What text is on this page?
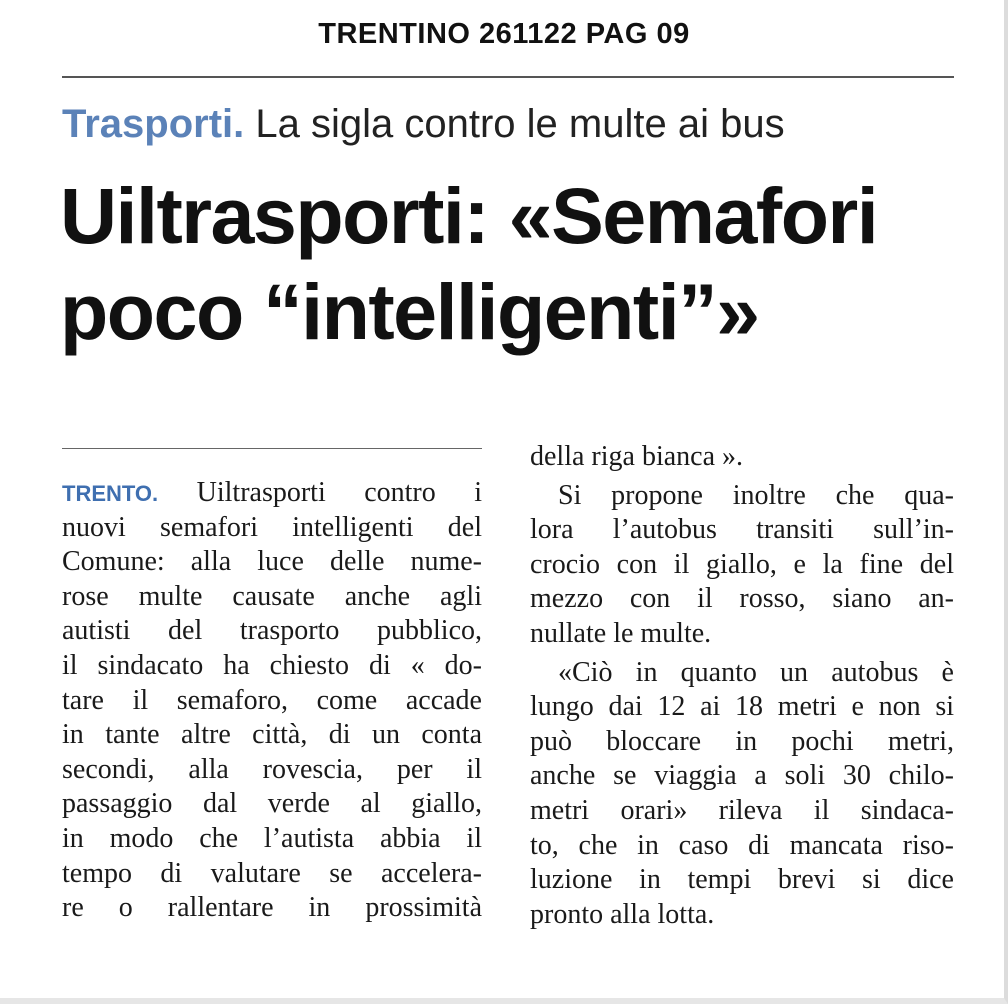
TRENTINO 261122 PAG 09
Trasporti. La sigla contro le multe ai bus
Uiltrasporti: «Semafori
poco “intelligenti”»
TRENTO. Uiltrasporti contro i
nuovi semafori intelligenti del
Comune: alla luce delle nume-
rose multe causate anche agli
autisti del trasporto pubblico,
il sindacato ha chiesto di « do-
tare il semaforo, come accade
in tante altre città, di un conta
secondi, alla rovescia, per il
passaggio dal verde al giallo,
in modo che l’autista abbia il
tempo di valutare se accelera-
re o rallentare in prossimità
della riga bianca ».
Si propone inoltre che qua-
lora l’autobus transiti sull’in-
crocio con il giallo, e la fine del
mezzo con il rosso, siano an-
nullate le multe.
«Ciò in quanto un autobus è
lungo dai 12 ai 18 metri e non si
può bloccare in pochi metri,
anche se viaggia a soli 30 chilo-
metri orari» rileva il sindaca-
to, che in caso di mancata riso-
luzione in tempi brevi si dice
pronto alla lotta.
